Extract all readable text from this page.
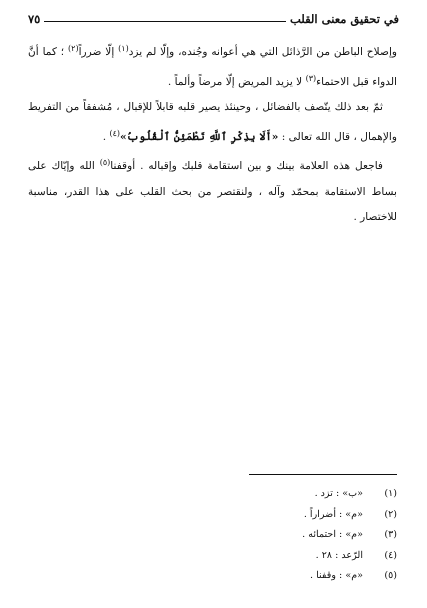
في تحقيق معنى القلب
٧٥

وإصلاح الباطن من الرَّذائل التي هي أعوانه وجُنده، وإلّا لم يزد$^{(١)}$ إلّا ضرراً$^{(٢)}$ ؛ كما أنَّ الدواء قبل الاحتماء$^{(٣)}$ لا يزيد المريض إلّا مرضاً وألماً .

ثمّ بعد ذلك يتّصف بالفضائل ، وحينئذ يصير قلبه قابلاً للإقبال ، مُشفقاً من التفريط والإهمال ، قال الله تعالى : «أَلَا بِذِكْرِ ٱللَّهِ تَطْمَئِنُّ ٱلْقُلُوبُ»$^{(٤)}$ .

فاجعل هذه العلامة بينك و بين استقامة قلبك وإقباله . أوقفنا$^{(٥)}$ الله وإيّاك على بساط الاستقامة بمحمّد وآله ، ولنقتصر من بحث القلب على هذا القدر، مناسبة للاختصار .

(١)
«ب» : تزد .
(٢)
«م» : أضراراً .
(٣)
«م» : احتمائه .
(٤)
الرّعد : ٢٨ .
(٥)
«م» : وقفنا .
